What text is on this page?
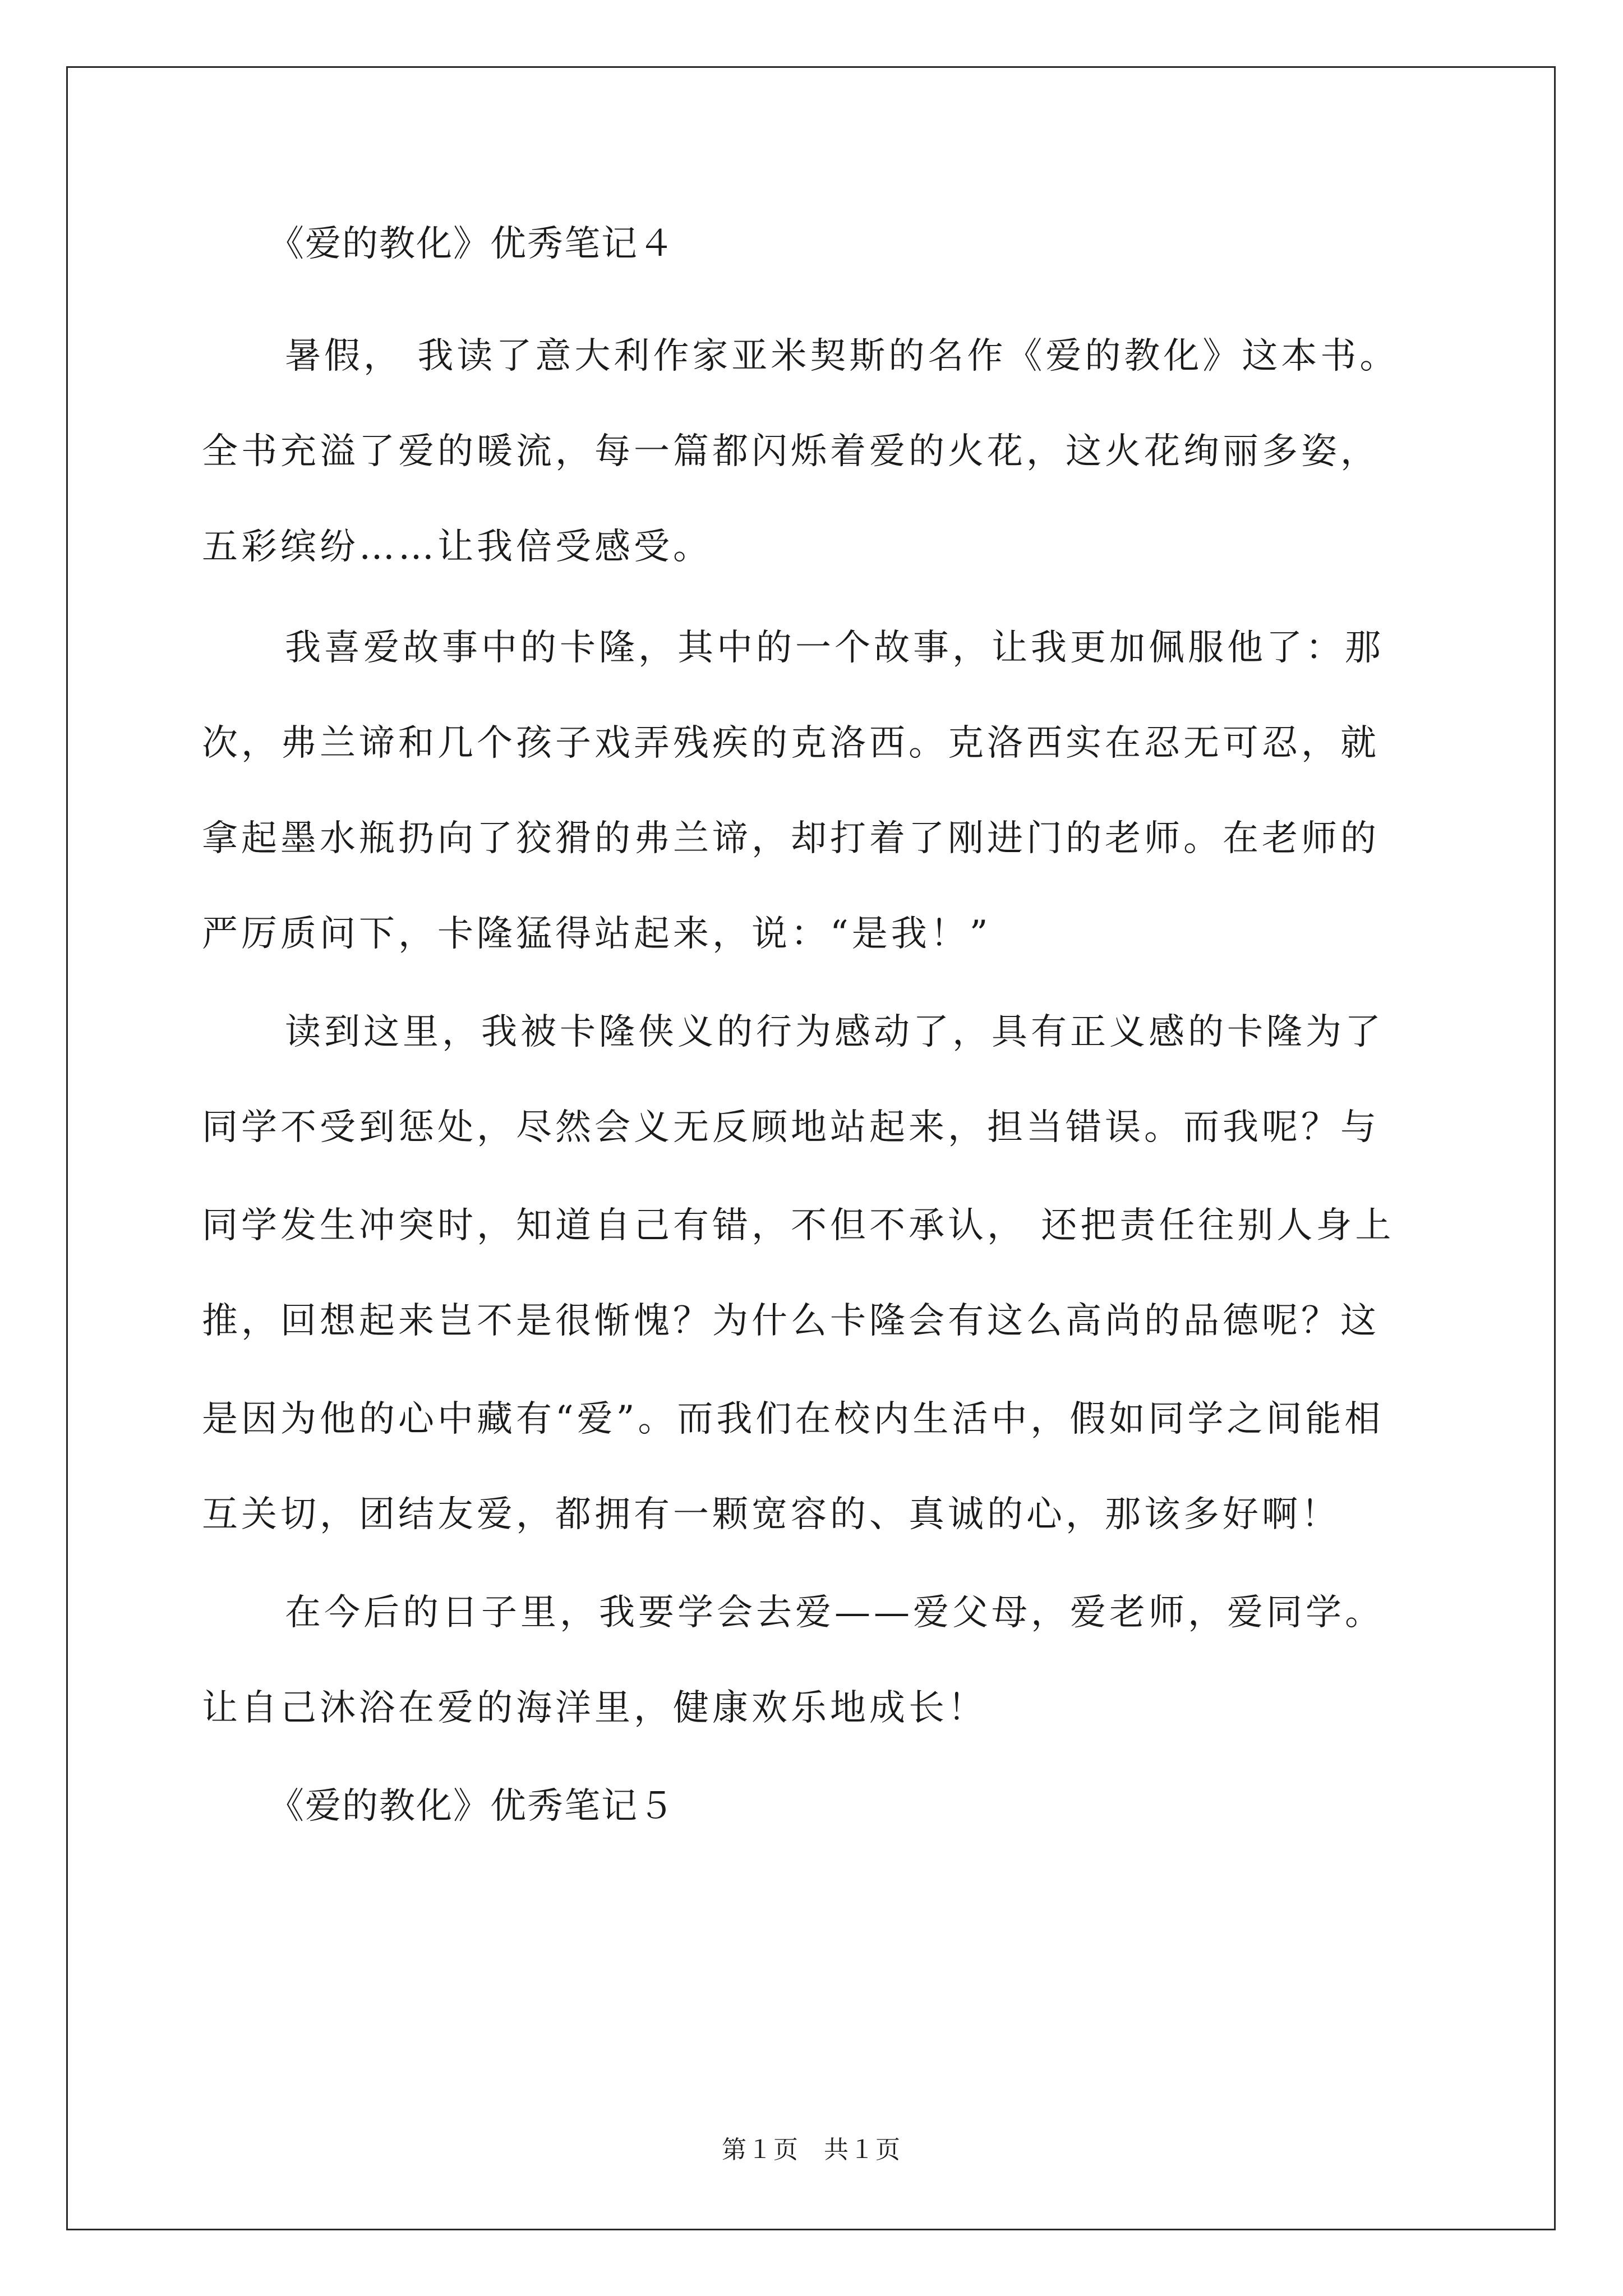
《爱的教化》优秀笔记４
暑假， 我读了意大利作家亚米契斯的名作《爱的教化》这本书。
全书充溢了爱的暖流，每一篇都闪烁着爱的火花，这火花绚丽多姿，
五彩缤纷……让我倍受感受。
我喜爱故事中的卡隆，其中的一个故事，让我更加佩服他了：那
次，弗兰谛和几个孩子戏弄残疾的克洛西。克洛西实在忍无可忍，就
拿起墨水瓶扔向了狡猾的弗兰谛，却打着了刚进门的老师。在老师的
严厉质问下，卡隆猛得站起来，说：“是我！”
读到这里，我被卡隆侠义的行为感动了，具有正义感的卡隆为了
同学不受到惩处，尽然会义无反顾地站起来，担当错误。而我呢？与
同学发生冲突时，知道自己有错，不但不承认， 还把责任往别人身上
推，回想起来岂不是很惭愧？为什么卡隆会有这么高尚的品德呢？这
是因为他的心中藏有“爱”。而我们在校内生活中，假如同学之间能相
互关切，团结友爱，都拥有一颗宽容的、真诚的心，那该多好啊！
在今后的日子里，我要学会去爱——爱父母，爱老师，爱同学。
让自己沐浴在爱的海洋里，健康欢乐地成长！
《爱的教化》优秀笔记５
第１页 共１页
